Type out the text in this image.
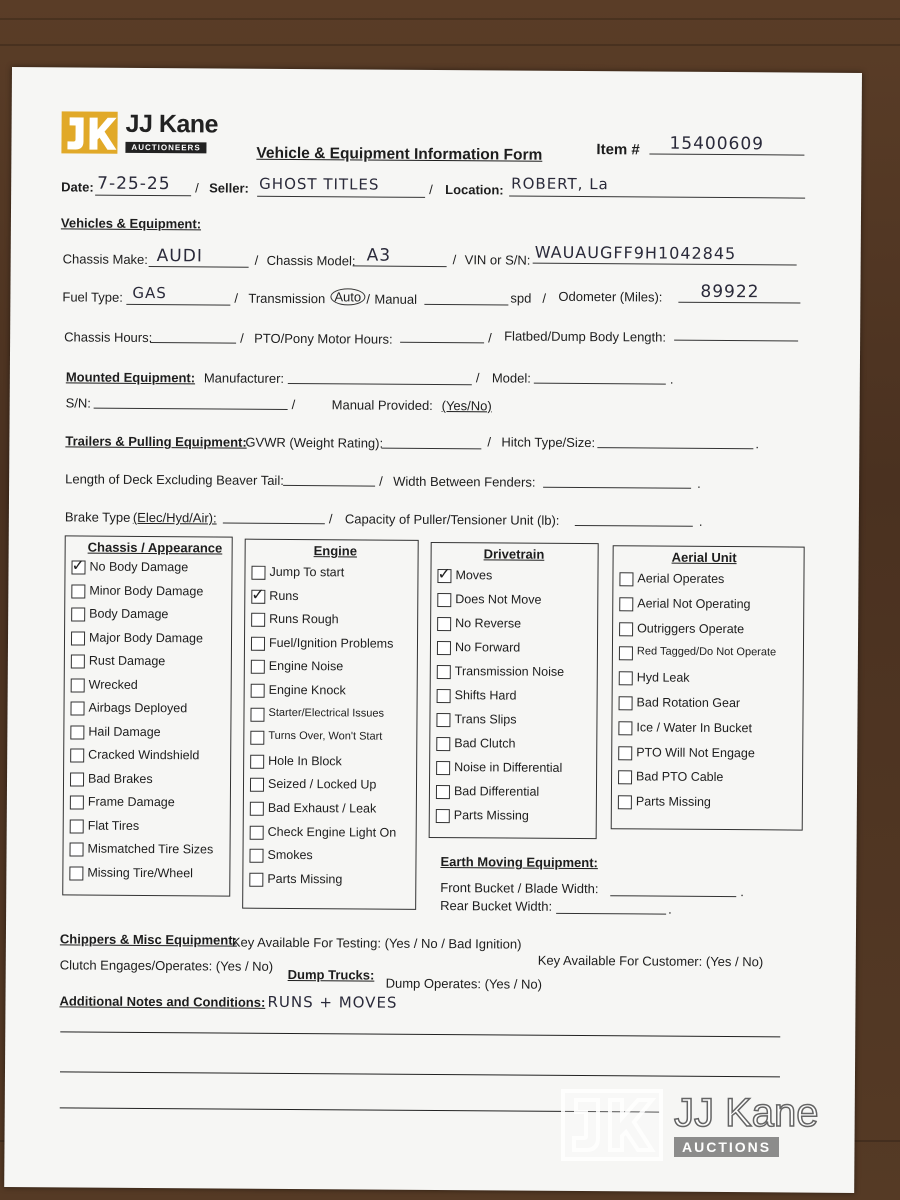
JJ Kane
AUCTIONEERS	Vehicle & Equipment Information Form	Item # 15400609
Date: 7-25-25 / Seller: GHOST TITLES	/ Location: ROBERT, La
Vehicles & Equipment:
Chassis Make: AUDI	/ Chassis Model: A3	/ VIN or S/N: WAUAUGFF9H1042845
Fuel Type: GAS	/ Transmission Auto / Manual	spd / Odometer (Miles): 89922
Chassis Hours:	/ PTO/Pony Motor Hours:	/ Flatbed/Dump Body Length:
Mounted Equipment: Manufacturer:	/ Model:	.
S/N:	/	Manual Provided: (Yes/No)
Trailers & Pulling Equipment:
GVWR (Weight Rating):	/ Hitch Type/Size:	.
Length of Deck Excluding Beaver Tail:	/ Width Between Fenders:	.
Brake Type (Elec/Hyd/Air):	/ Capacity of Puller/Tensioner Unit (lb):	.
Chassis / Appearance
✓ No Body Damage
Minor Body Damage
Body Damage
Major Body Damage
Rust Damage
Wrecked
Airbags Deployed
Hail Damage
Cracked Windshield
Bad Brakes
Frame Damage
Flat Tires
Mismatched Tire Sizes
Missing Tire/Wheel
Engine
Jump To start
✓ Runs
Runs Rough
Fuel/Ignition Problems
Engine Noise
Engine Knock
Starter/Electrical Issues
Turns Over, Won't Start
Hole In Block
Seized / Locked Up
Bad Exhaust / Leak
Check Engine Light On
Smokes
Parts Missing
Drivetrain
✓ Moves
Does Not Move
No Reverse
No Forward
Transmission Noise
Shifts Hard
Trans Slips
Bad Clutch
Noise in Differential
Bad Differential
Parts Missing
Aerial Unit
Aerial Operates
Aerial Not Operating
Outriggers Operate
Red Tagged/Do Not Operate
Hyd Leak
Bad Rotation Gear
Ice / Water In Bucket
PTO Will Not Engage
Bad PTO Cable
Parts Missing
Earth Moving Equipment:
Front Bucket / Blade Width:	.
Rear Bucket Width:	.
Chippers & Misc Equipment:
Key Available For Testing: (Yes / No / Bad Ignition)
Key Available For Customer: (Yes / No)
Clutch Engages/Operates: (Yes / No)
Dump Trucks:
Dump Operates: (Yes / No)
Additional Notes and Conditions: RUNS + MOVES
JJ Kane
AUCTIONS
